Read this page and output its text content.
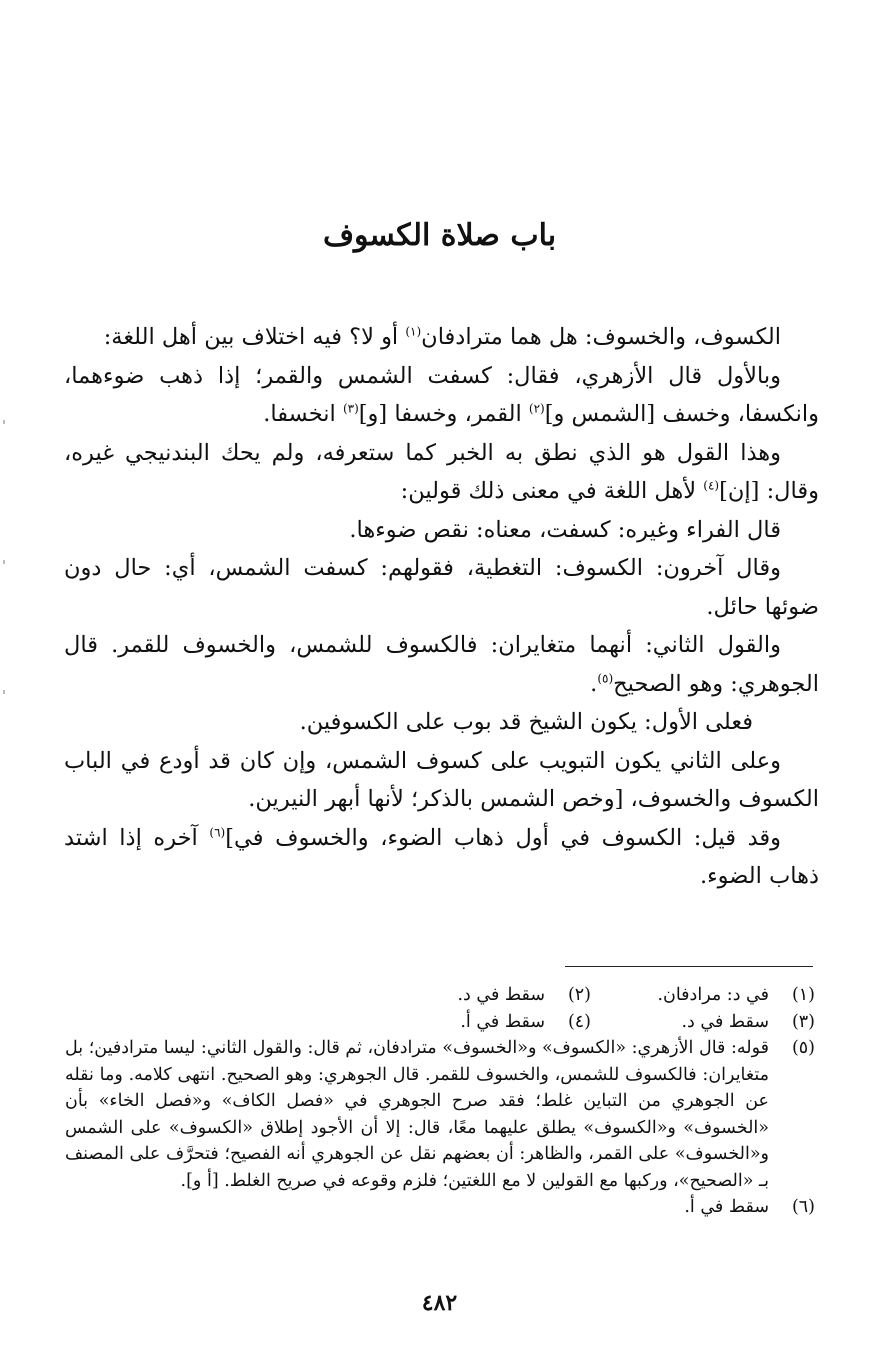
باب صلاة الكسوف

الكسوف، والخسوف: هل هما مترادفان$^{(١)}$ أو لا؟ فيه اختلاف بين أهل اللغة:

وبالأول قال الأزهري، فقال: كسفت الشمس والقمر؛ إذا ذهب ضوءهما، وانكسفا، وخسف [الشمس و]$^{(٢)}$ القمر، وخسفا [و]$^{(٣)}$ انخسفا.

وهذا القول هو الذي نطق به الخبر كما ستعرفه، ولم يحك البندنيجي غيره، وقال: [إن]$^{(٤)}$ لأهل اللغة في معنى ذلك قولين:

قال الفراء وغيره: كسفت، معناه: نقص ضوءها.

وقال آخرون: الكسوف: التغطية، فقولهم: كسفت الشمس، أي: حال دون ضوئها حائل.

والقول الثاني: أنهما متغايران: فالكسوف للشمس، والخسوف للقمر. قال الجوهري: وهو الصحيح$^{(٥)}$.

فعلى الأول: يكون الشيخ قد بوب على الكسوفين.

وعلى الثاني يكون التبويب على كسوف الشمس، وإن كان قد أودع في الباب الكسوف والخسوف، [وخص الشمس بالذكر؛ لأنها أبهر النيرين.

وقد قيل: الكسوف في أول ذهاب الضوء، والخسوف في]$^{(٦)}$ آخره إذا اشتد ذهاب الضوء.

(١)
في د: مرادفان.
(٢)
سقط في د.
(٣)
سقط في د.
(٤)
سقط في أ.
(٥)
قوله: قال الأزهري: «الكسوف» و«الخسوف» مترادفان، ثم قال: والقول الثاني: ليسا مترادفين؛ بل متغايران: فالكسوف للشمس، والخسوف للقمر. قال الجوهري: وهو الصحيح. انتهى كلامه. وما نقله عن الجوهري من التباين غلط؛ فقد صرح الجوهري في «فصل الكاف» و«فصل الخاء» بأن «الخسوف» و«الكسوف» يطلق عليهما معًا، قال: إلا أن الأجود إطلاق «الكسوف» على الشمس و«الخسوف» على القمر، والظاهر: أن بعضهم نقل عن الجوهري أنه الفصيح؛ فتحرَّف على المصنف بـ «الصحيح»، وركبها مع القولين لا مع اللغتين؛ فلزم وقوعه في صريح الغلط. [أ و].
(٦)
سقط في أ.
٤٨٢
